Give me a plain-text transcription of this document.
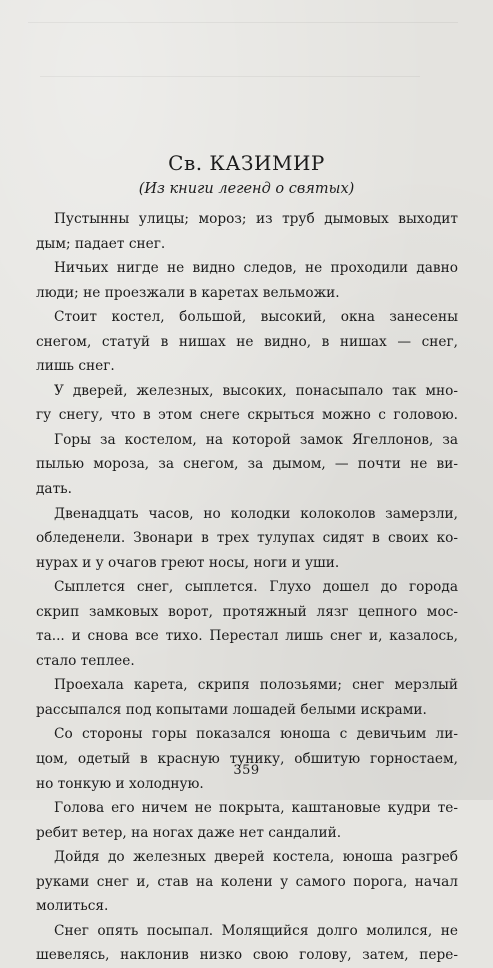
Св. КАЗИМИР
(Из книги легенд о святых)
Пустынны улицы; мороз; из труб дымовых выходит
дым; падает снег.
Ничьих нигде не видно следов, не проходили давно
люди; не проезжали в каретах вельможи.
Стоит костел, большой, высокий, окна занесены
снегом, статуй в нишах не видно, в нишах — снег,
лишь снег.
У дверей, железных, высоких, понасыпало так мно-
гу снегу, что в этом снеге скрыться можно с головою.
Горы за костелом, на которой замок Ягеллонов, за
пылью мороза, за снегом, за дымом, — почти не ви-
дать.
Двенадцать часов, но колодки колоколов замерзли,
обледенели. Звонари в трех тулупах сидят в своих ко-
нурах и у очагов греют носы, ноги и уши.
Сыплется снег, сыплется. Глухо дошел до города
скрип замковых ворот, протяжный лязг цепного мос-
та... и снова все тихо. Перестал лишь снег и, казалось,
стало теплее.
Проехала карета, скрипя полозьями; снег мерзлый
рассыпался под копытами лошадей белыми искрами.
Со стороны горы показался юноша с девичьим ли-
цом, одетый в красную тунику, обшитую горностаем,
но тонкую и холодную.
Голова его ничем не покрыта, каштановые кудри те-
ребит ветер, на ногах даже нет сандалий.
Дойдя до железных дверей костела, юноша разгреб
руками снег и, став на колени у самого порога, начал
молиться.
Снег опять посыпал. Молящийся долго молился, не
шевелясь, наклонив низко свою голову, затем, пере-
359
